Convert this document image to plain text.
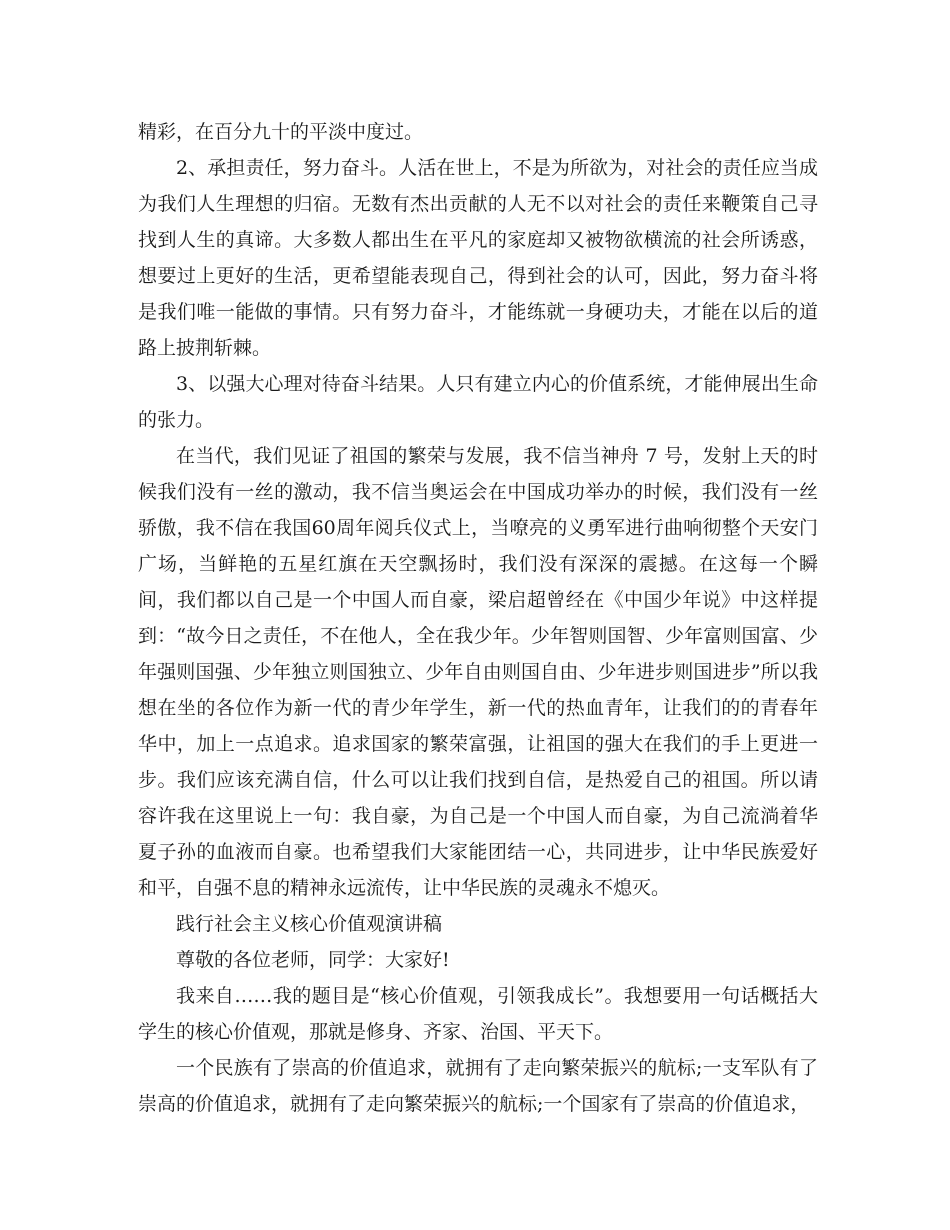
精彩，在百分九十的平淡中度过。

2、承担责任，努力奋斗。人活在世上，不是为所欲为，对社会的责任应当成为我们人生理想的归宿。无数有杰出贡献的人无不以对社会的责任来鞭策自己寻找到人生的真谛。大多数人都出生在平凡的家庭却又被物欲横流的社会所诱惑，想要过上更好的生活，更希望能表现自己，得到社会的认可，因此，努力奋斗将是我们唯一能做的事情。只有努力奋斗，才能练就一身硬功夫，才能在以后的道路上披荆斩棘。

3、以强大心理对待奋斗结果。人只有建立内心的价值系统，才能伸展出生命的张力。

在当代，我们见证了祖国的繁荣与发展，我不信当神舟 7 号，发射上天的时候我们没有一丝的激动，我不信当奥运会在中国成功举办的时候，我们没有一丝骄傲，我不信在我国60周年阅兵仪式上，当嘹亮的义勇军进行曲响彻整个天安门广场，当鲜艳的五星红旗在天空飘扬时，我们没有深深的震撼。在这每一个瞬间，我们都以自己是一个中国人而自豪，梁启超曾经在《中国少年说》中这样提到：“故今日之责任，不在他人，全在我少年。少年智则国智、少年富则国富、少年强则国强、少年独立则国独立、少年自由则国自由、少年进步则国进步”所以我想在坐的各位作为新一代的青少年学生，新一代的热血青年，让我们的的青春年华中，加上一点追求。追求国家的繁荣富强，让祖国的强大在我们的手上更进一步。我们应该充满自信，什么可以让我们找到自信，是热爱自己的祖国。所以请容许我在这里说上一句：我自豪，为自己是一个中国人而自豪，为自己流淌着华夏子孙的血液而自豪。也希望我们大家能团结一心，共同进步，让中华民族爱好和平，自强不息的精神永远流传，让中华民族的灵魂永不熄灭。

践行社会主义核心价值观演讲稿

尊敬的各位老师，同学：大家好!

我来自……我的题目是“核心价值观，引领我成长”。我想要用一句话概括大学生的核心价值观，那就是修身、齐家、治国、平天下。

一个民族有了崇高的价值追求，就拥有了走向繁荣振兴的航标;一支军队有了崇高的价值追求，就拥有了走向繁荣振兴的航标;一个国家有了崇高的价值追求，
